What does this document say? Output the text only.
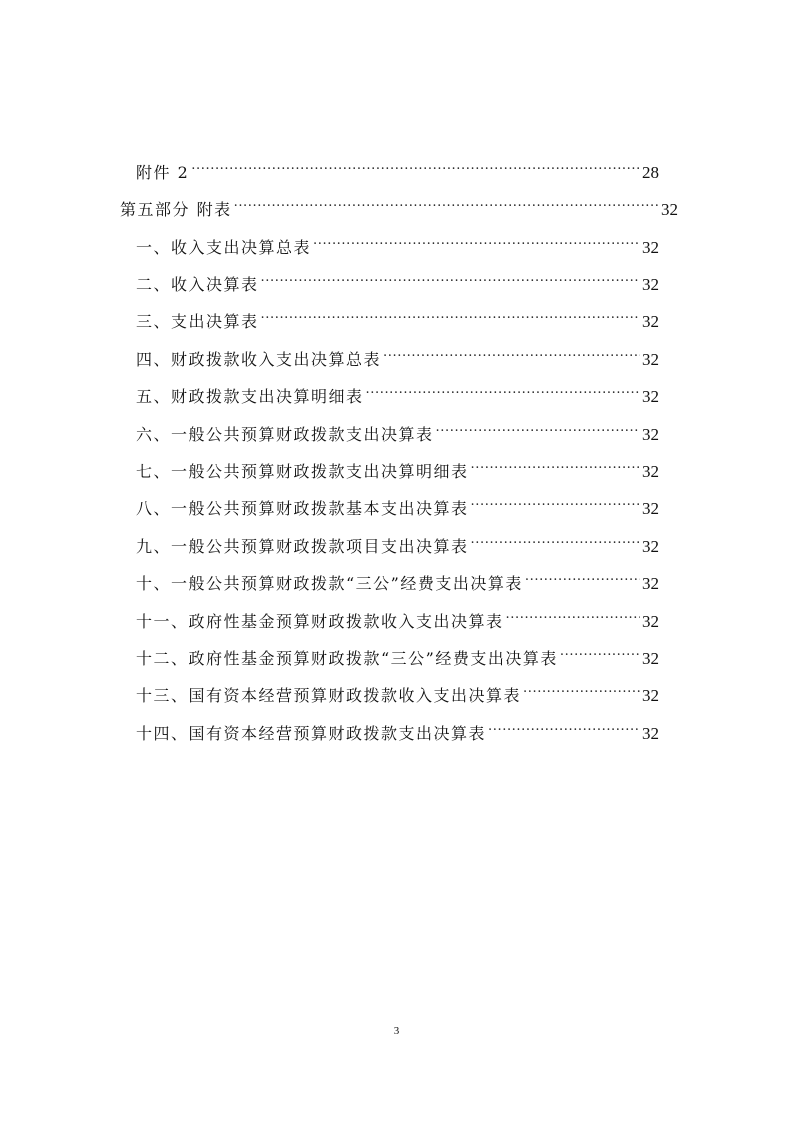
附件 2 .....	28
第五部分 附表 .....	32
一、收入支出决算总表 .....	32
二、收入决算表 .....	32
三、支出决算表 .....	32
四、财政拨款收入支出决算总表 .....	32
五、财政拨款支出决算明细表 .....	32
六、一般公共预算财政拨款支出决算表 .....	32
七、一般公共预算财政拨款支出决算明细表 .....	32
八、一般公共预算财政拨款基本支出决算表 .....	32
九、一般公共预算财政拨款项目支出决算表 .....	32
十、一般公共预算财政拨款“三公”经费支出决算表 .....	32
十一、政府性基金预算财政拨款收入支出决算表 .....	32
十二、政府性基金预算财政拨款“三公”经费支出决算表 .....	32
十三、国有资本经营预算财政拨款收入支出决算表 .....	32
十四、国有资本经营预算财政拨款支出决算表 .....	32
3
